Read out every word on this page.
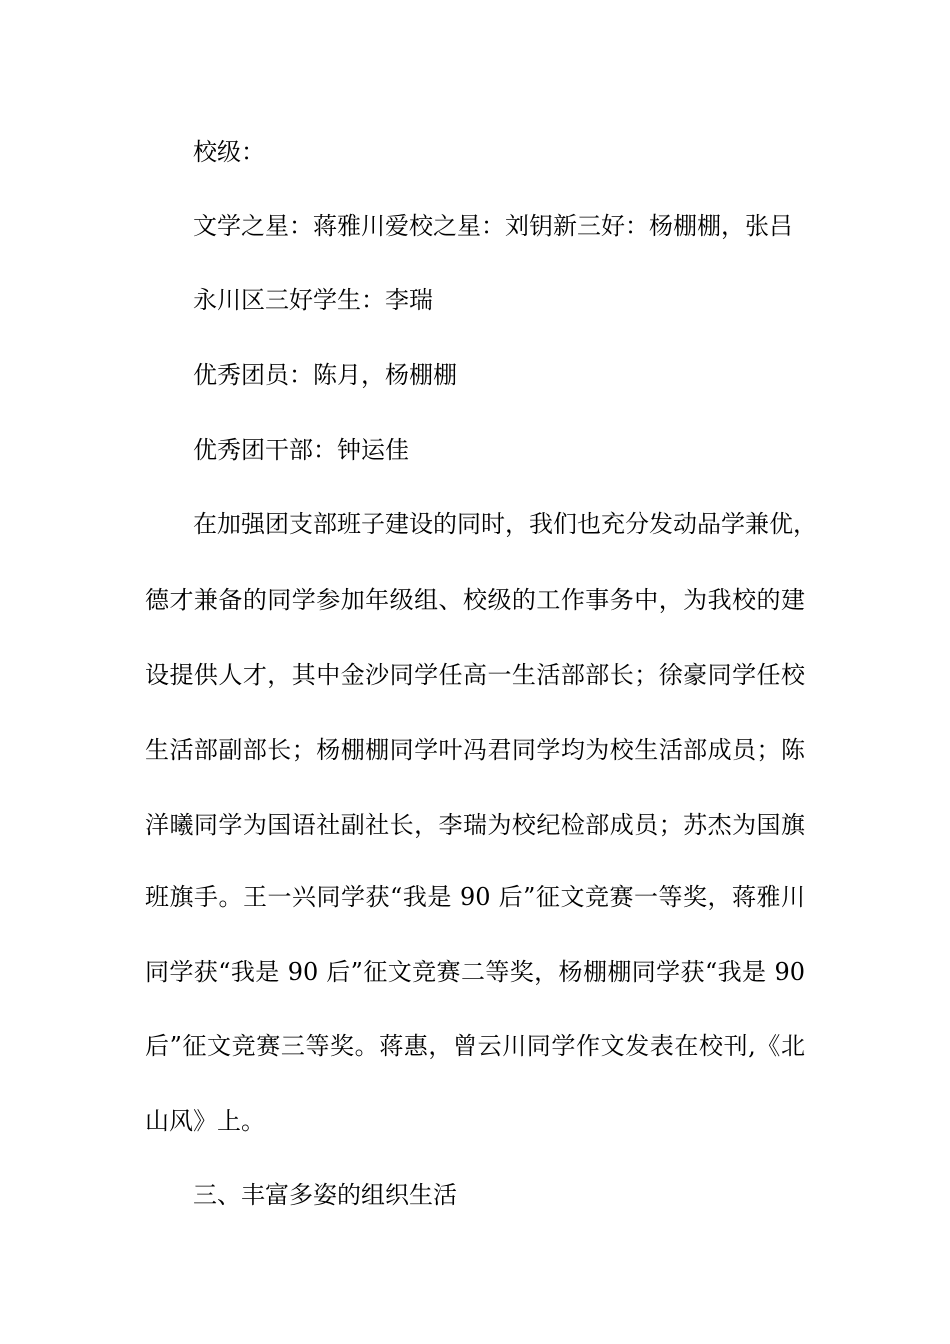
校级：

文学之星：蒋雅川爱校之星：刘钥新三好：杨棚棚，张吕

永川区三好学生：李瑞

优秀团员：陈月，杨棚棚

优秀团干部：钟运佳

在加强团支部班子建设的同时，我们也充分发动品学兼优，

德才兼备的同学参加年级组、校级的工作事务中，为我校的建

设提供人才，其中金沙同学任高一生活部部长；徐豪同学任校

生活部副部长；杨棚棚同学叶冯君同学均为校生活部成员；陈

洋曦同学为国语社副社长，李瑞为校纪检部成员；苏杰为国旗

班旗手。王一兴同学获“我是 90 后”征文竞赛一等奖，蒋雅川

同学获“我是 90 后”征文竞赛二等奖，杨棚棚同学获“我是 90

后”征文竞赛三等奖。蒋惠，曾云川同学作文发表在校刊,《北

山风》上。

三、丰富多姿的组织生活
